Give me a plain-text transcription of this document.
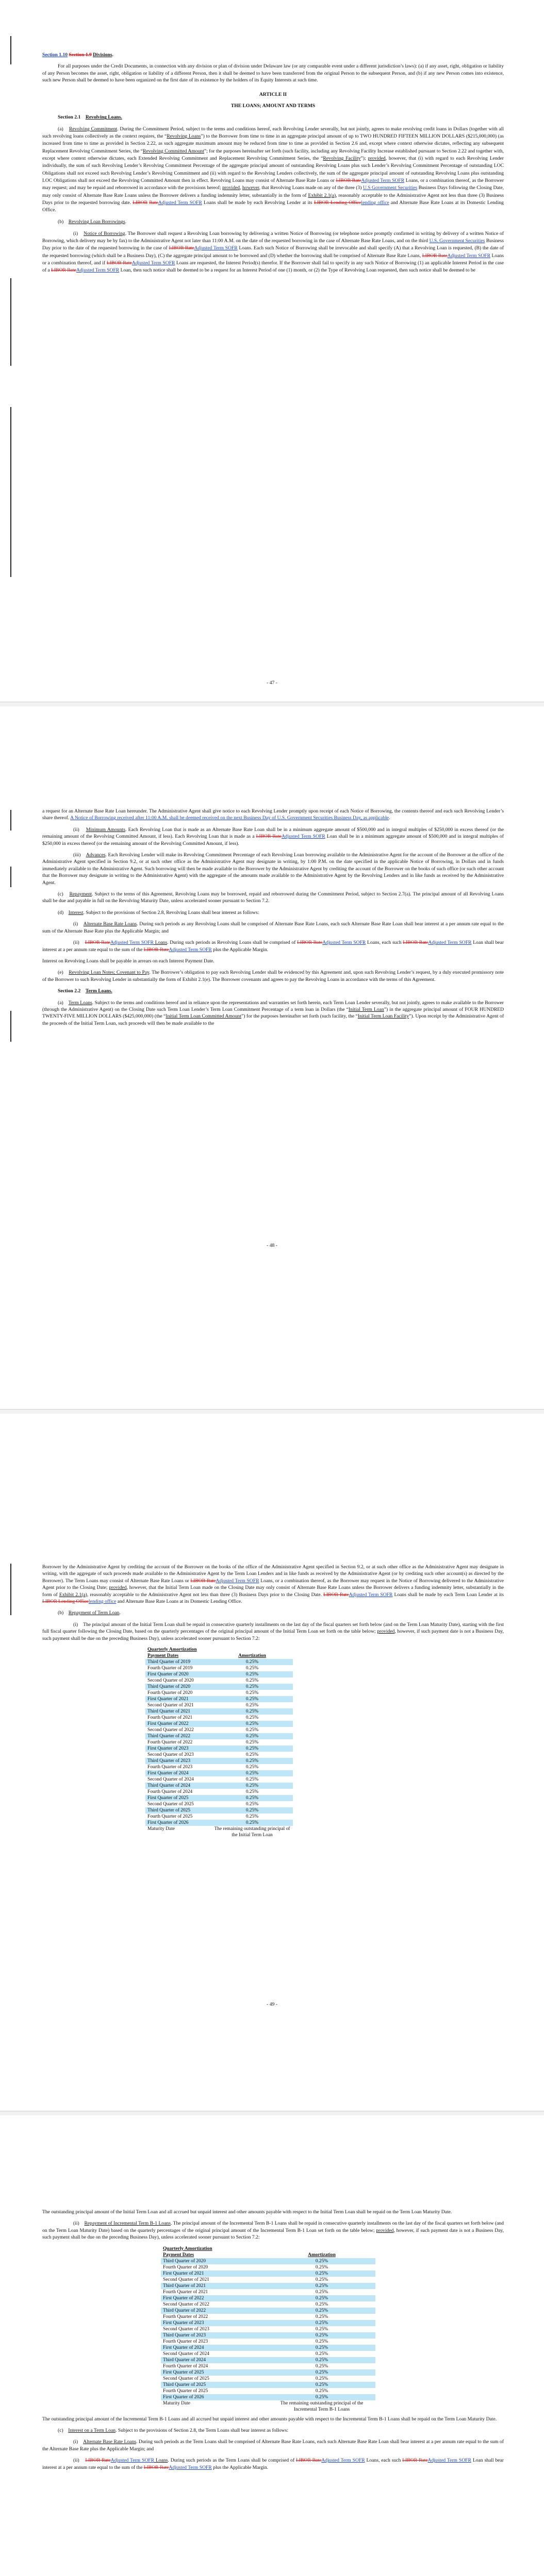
Section 1.10 Section 1.9 Divisions.

For all purposes under the Credit Documents, in connection with any division or plan of division under Delaware law (or any comparable event under a different jurisdiction’s laws): (a) if any asset, right, obligation or liability of any Person becomes the asset, right, obligation or liability of a different Person, then it shall be deemed to have been transferred from the original Person to the subsequent Person, and (b) if any new Person comes into existence, such new Person shall be deemed to have been organized on the first date of its existence by the holders of its Equity Interests at such time.

ARTICLE II

THE LOANS; AMOUNT AND TERMS

Section 2.1 Revolving Loans.

(a) Revolving Commitment. During the Commitment Period, subject to the terms and conditions hereof, each Revolving Lender severally, but not jointly, agrees to make revolving credit loans in Dollars (together with all such revolving loans collectively as the context requires, the “Revolving Loans”) to the Borrower from time to time in an aggregate principal amount of up to TWO HUNDRED FIFTEEN MILLION DOLLARS ($215,000,000) (as increased from time to time as provided in Section 2.22, as such aggregate maximum amount may be reduced from time to time as provided in Section 2.6 and, except where context otherwise dictates, reflecting any subsequent Replacement Revolving Commitment Series, the “Revolving Committed Amount”; for the purposes hereinafter set forth (such facility, including any Revolving Facility Increase established pursuant to Section 2.22 and together with, except where context otherwise dictates, each Extended Revolving Commitment and Replacement Revolving Commitment Series, the “Revolving Facility”); provided, however, that (i) with regard to each Revolving Lender individually, the sum of such Revolving Lender’s Revolving Commitment Percentage of the aggregate principal amount of outstanding Revolving Loans plus such Lender’s Revolving Commitment Percentage of outstanding LOC Obligations shall not exceed such Revolving Lender’s Revolving Commitment and (ii) with regard to the Revolving Lenders collectively, the sum of the aggregate principal amount of outstanding Revolving Loans plus outstanding LOC Obligations shall not exceed the Revolving Committed Amount then in effect. Revolving Loans may consist of Alternate Base Rate Loans or LIBOR RateAdjusted Term SOFR Loans, or a combination thereof, as the Borrower may request; and may be repaid and reborrowed in accordance with the provisions hereof; provided, however, that Revolving Loans made on any of the three (3) U.S Government Securities Business Days following the Closing Date, may only consist of Alternate Base Rate Loans unless the Borrower delivers a funding indemnity letter, substantially in the form of Exhibit 2.1(a), reasonably acceptable to the Administrative Agent not less than three (3) Business Days prior to the requested borrowing date. LIBOR RateAdjusted Term SOFR Loans shall be made by each Revolving Lender at its LIBOR Lending Officelending office and Alternate Base Rate Loans at its Domestic Lending Office.

(b) Revolving Loan Borrowings.

(i) Notice of Borrowing. The Borrower shall request a Revolving Loan borrowing by delivering a written Notice of Borrowing (or telephone notice promptly confirmed in writing by delivery of a written Notice of Borrowing, which delivery may be by fax) to the Administrative Agent not later than 11:00 A.M. on the date of the requested borrowing in the case of Alternate Base Rate Loans, and on the third U.S. Government Securities Business Day prior to the date of the requested borrowing in the case of LIBOR RateAdjusted Term SOFR Loans. Each such Notice of Borrowing shall be irrevocable and shall specify (A) that a Revolving Loan is requested, (B) the date of the requested borrowing (which shall be a Business Day), (C) the aggregate principal amount to be borrowed and (D) whether the borrowing shall be comprised of Alternate Base Rate Loans, LIBOR RateAdjusted Term SOFR Loans or a combination thereof, and if LIBOR RateAdjusted Term SOFR Loans are requested, the Interest Period(s) therefor. If the Borrower shall fail to specify in any such Notice of Borrowing (1) an applicable Interest Period in the case of a LIBOR RateAdjusted Term SOFR Loan, then such notice shall be deemed to be a request for an Interest Period of one (1) month, or (2) the Type of Revolving Loan requested, then such notice shall be deemed to be

- 47 -

a request for an Alternate Base Rate Loan hereunder. The Administrative Agent shall give notice to each Revolving Lender promptly upon receipt of each Notice of Borrowing, the contents thereof and each such Revolving Lender’s share thereof. A Notice of Borrowing received after 11:00 A.M. shall be deemed received on the next Business Day of U.S. Government Securities Business Day, as applicable.

(ii) Minimum Amounts. Each Revolving Loan that is made as an Alternate Base Rate Loan shall be in a minimum aggregate amount of $500,000 and in integral multiples of $250,000 in excess thereof (or the remaining amount of the Revolving Committed Amount, if less). Each Revolving Loan that is made as a LIBOR RateAdjusted Term SOFR Loan shall be in a minimum aggregate amount of $500,000 and in integral multiples of $250,000 in excess thereof (or the remaining amount of the Revolving Committed Amount, if less).

(iii) Advances. Each Revolving Lender will make its Revolving Commitment Percentage of each Revolving Loan borrowing available to the Administrative Agent for the account of the Borrower at the office of the Administrative Agent specified in Section 9.2, or at such other office as the Administrative Agent may designate in writing, by 1:00 P.M. on the date specified in the applicable Notice of Borrowing, in Dollars and in funds immediately available to the Administrative Agent. Such borrowing will then be made available to the Borrower by the Administrative Agent by crediting the account of the Borrower on the books of such office (or such other account that the Borrower may designate in writing to the Administrative Agent) with the aggregate of the amounts made available to the Administrative Agent by the Revolving Lenders and in like funds as received by the Administrative Agent.

(c) Repayment. Subject to the terms of this Agreement, Revolving Loans may be borrowed, repaid and reborrowed during the Commitment Period, subject to Section 2.7(a). The principal amount of all Revolving Loans shall be due and payable in full on the Revolving Maturity Date, unless accelerated sooner pursuant to Section 7.2.

(d) Interest. Subject to the provisions of Section 2.8, Revolving Loans shall bear interest as follows:

(i) Alternate Base Rate Loans. During such periods as any Revolving Loans shall be comprised of Alternate Base Rate Loans, each such Alternate Base Rate Loan shall bear interest at a per annum rate equal to the sum of the Alternate Base Rate plus the Applicable Margin; and

(ii) LIBOR RateAdjusted Term SOFR Loans. During such periods as Revolving Loans shall be comprised of LIBOR RateAdjusted Term SOFR Loans, each such LIBOR RateAdjusted Term SOFR Loan shall bear interest at a per annum rate equal to the sum of the LIBOR RateAdjusted Term SOFR plus the Applicable Margin.

Interest on Revolving Loans shall be payable in arrears on each Interest Payment Date.

(e) Revolving Loan Notes; Covenant to Pay. The Borrower’s obligation to pay each Revolving Lender shall be evidenced by this Agreement and, upon such Revolving Lender’s request, by a duly executed promissory note of the Borrower to such Revolving Lender in substantially the form of Exhibit 2.1(e). The Borrower covenants and agrees to pay the Revolving Loans in accordance with the terms of this Agreement.

Section 2.2 Term Loans.

(a) Term Loans. Subject to the terms and conditions hereof and in reliance upon the representations and warranties set forth herein, each Term Loan Lender severally, but not jointly, agrees to make available to the Borrower (through the Administrative Agent) on the Closing Date such Term Loan Lender’s Term Loan Commitment Percentage of a term loan in Dollars (the “Initial Term Loan”) in the aggregate principal amount of FOUR HUNDRED TWENTY-FIVE MILLION DOLLARS ($425,000,000) (the “Initial Term Loan Committed Amount”) for the purposes hereinafter set forth (such facility, the “Initial Term Loan Facility”). Upon receipt by the Administrative Agent of the proceeds of the Initial Term Loan, such proceeds will then be made available to the

- 48 -

Borrower by the Administrative Agent by crediting the account of the Borrower on the books of the office of the Administrative Agent specified in Section 9.2, or at such other office as the Administrative Agent may designate in writing, with the aggregate of such proceeds made available to the Administrative Agent by the Term Loan Lenders and in like funds as received by the Administrative Agent (or by crediting such other account(s) as directed by the Borrower). The Term Loans may consist of Alternate Base Rate Loans or LIBOR RateAdjusted Term SOFR Loans, or a combination thereof, as the Borrower may request in the Notice of Borrowing delivered to the Administrative Agent prior to the Closing Date; provided, however, that the Initial Term Loan made on the Closing Date may only consist of Alternate Base Rate Loans unless the Borrower delivers a funding indemnity letter, substantially in the form of Exhibit 2.1(a), reasonably acceptable to the Administrative Agent not less than three (3) Business Days prior to the Closing Date. LIBOR RateAdjusted Term SOFR Loans shall be made by each Term Loan Lender at its LIBOR Lending Officelending office and Alternate Base Rate Loans at its Domestic Lending Office.

(b) Repayment of Term Loan.

(i) The principal amount of the Initial Term Loan shall be repaid in consecutive quarterly installments on the last day of the fiscal quarters set forth below (and on the Term Loan Maturity Date), starting with the first full fiscal quarter following the Closing Date, based on the quarterly percentages of the original principal amount of the Initial Term Loan set forth on the table below; provided, however, if such payment date is not a Business Day, such payment shall be due on the preceding Business Day), unless accelerated sooner pursuant to Section 7.2:

Quarterly Amortization	
Payment Dates	Amortization
Third Quarter of 2019	0.25%
Fourth Quarter of 2019	0.25%
First Quarter of 2020	0.25%
Second Quarter of 2020	0.25%
Third Quarter of 2020	0.25%
Fourth Quarter of 2020	0.25%
First Quarter of 2021	0.25%
Second Quarter of 2021	0.25%
Third Quarter of 2021	0.25%
Fourth Quarter of 2021	0.25%
First Quarter of 2022	0.25%
Second Quarter of 2022	0.25%
Third Quarter of 2022	0.25%
Fourth Quarter of 2022	0.25%
First Quarter of 2023	0.25%
Second Quarter of 2023	0.25%
Third Quarter of 2023	0.25%
Fourth Quarter of 2023	0.25%
First Quarter of 2024	0.25%
Second Quarter of 2024	0.25%
Third Quarter of 2024	0.25%
Fourth Quarter of 2024	0.25%
First Quarter of 2025	0.25%
Second Quarter of 2025	0.25%
Third Quarter of 2025	0.25%
Fourth Quarter of 2025	0.25%
First Quarter of 2026	0.25%
Maturity Date	The remaining outstanding principal of the Initial Term Loan
- 49 -

The outstanding principal amount of the Initial Term Loan and all accrued but unpaid interest and other amounts payable with respect to the Initial Term Loan shall be repaid on the Term Loan Maturity Date.

(ii) Repayment of Incremental Term B-1 Loans. The principal amount of the Incremental Term B-1 Loans shall be repaid in consecutive quarterly installments on the last day of the fiscal quarters set forth below (and on the Term Loan Maturity Date) based on the quarterly percentages of the original principal amount of the Incremental Term B-1 Loan set forth on the table below; provided, however, if such payment date is not a Business Day, such payment shall be due on the preceding Business Day), unless accelerated sooner pursuant to Section 7.2:

Quarterly Amortization	
Payment Dates	Amortization
Third Quarter of 2020	0.25%
Fourth Quarter of 2020	0.25%
First Quarter of 2021	0.25%
Second Quarter of 2021	0.25%
Third Quarter of 2021	0.25%
Fourth Quarter of 2021	0.25%
First Quarter of 2022	0.25%
Second Quarter of 2022	0.25%
Third Quarter of 2022	0.25%
Fourth Quarter of 2022	0.25%
First Quarter of 2023	0.25%
Second Quarter of 2023	0.25%
Third Quarter of 2023	0.25%
Fourth Quarter of 2023	0.25%
First Quarter of 2024	0.25%
Second Quarter of 2024	0.25%
Third Quarter of 2024	0.25%
Fourth Quarter of 2024	0.25%
First Quarter of 2025	0.25%
Second Quarter of 2025	0.25%
Third Quarter of 2025	0.25%
Fourth Quarter of 2025	0.25%
First Quarter of 2026	0.25%
Maturity Date	The remaining outstanding principal of the Incremental Term B-1 Loans

The outstanding principal amount of the Incremental Term B-1 Loans and all accrued but unpaid interest and other amounts payable with respect to the Incremental Term B-1 Loans shall be repaid on the Term Loan Maturity Date.

(c) Interest on a Term Loan. Subject to the provisions of Section 2.8, the Term Loans shall bear interest as follows:

(i) Alternate Base Rate Loans. During such periods as the Term Loans shall be comprised of Alternate Base Rate Loans, each such Alternate Base Rate Loan shall bear interest at a per annum rate equal to the sum of the Alternate Base Rate plus the Applicable Margin; and

(ii) LIBOR RateAdjusted Term SOFR Loans. During such periods as the Term Loans shall be comprised of LIBOR RateAdjusted Term SOFR Loans, each such LIBOR RateAdjusted Term SOFR Loan shall bear interest at a per annum rate equal to the sum of the LIBOR RateAdjusted Term SOFR plus the Applicable Margin.
